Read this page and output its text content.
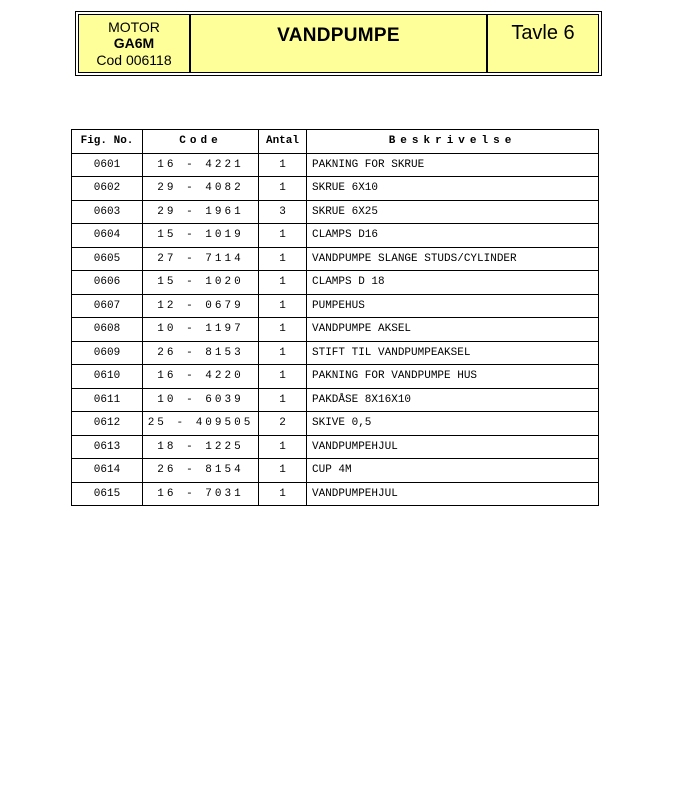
MOTOR
GA6M
Cod 006118
VANDPUMPE	Tavle 6
Fig. No.	Code	Antal	Beskrivelse
0601	16 - 4221	1	PAKNING FOR SKRUE
0602	29 - 4082	1	SKRUE 6X10
0603	29 - 1961	3	SKRUE 6X25
0604	15 - 1019	1	CLAMPS D16
0605	27 - 7114	1	VANDPUMPE SLANGE STUDS/CYLINDER
0606	15 - 1020	1	CLAMPS D 18
0607	12 - 0679	1	PUMPEHUS
0608	10 - 1197	1	VANDPUMPE AKSEL
0609	26 - 8153	1	STIFT TIL VANDPUMPEAKSEL
0610	16 - 4220	1	PAKNING FOR VANDPUMPE HUS
0611	10 - 6039	1	PAKDÅSE 8X16X10
0612	25 - 409505	2	SKIVE 0,5
0613	18 - 1225	1	VANDPUMPEHJUL
0614	26 - 8154	1	CUP 4M
0615	16 - 7031	1	VANDPUMPEHJUL
